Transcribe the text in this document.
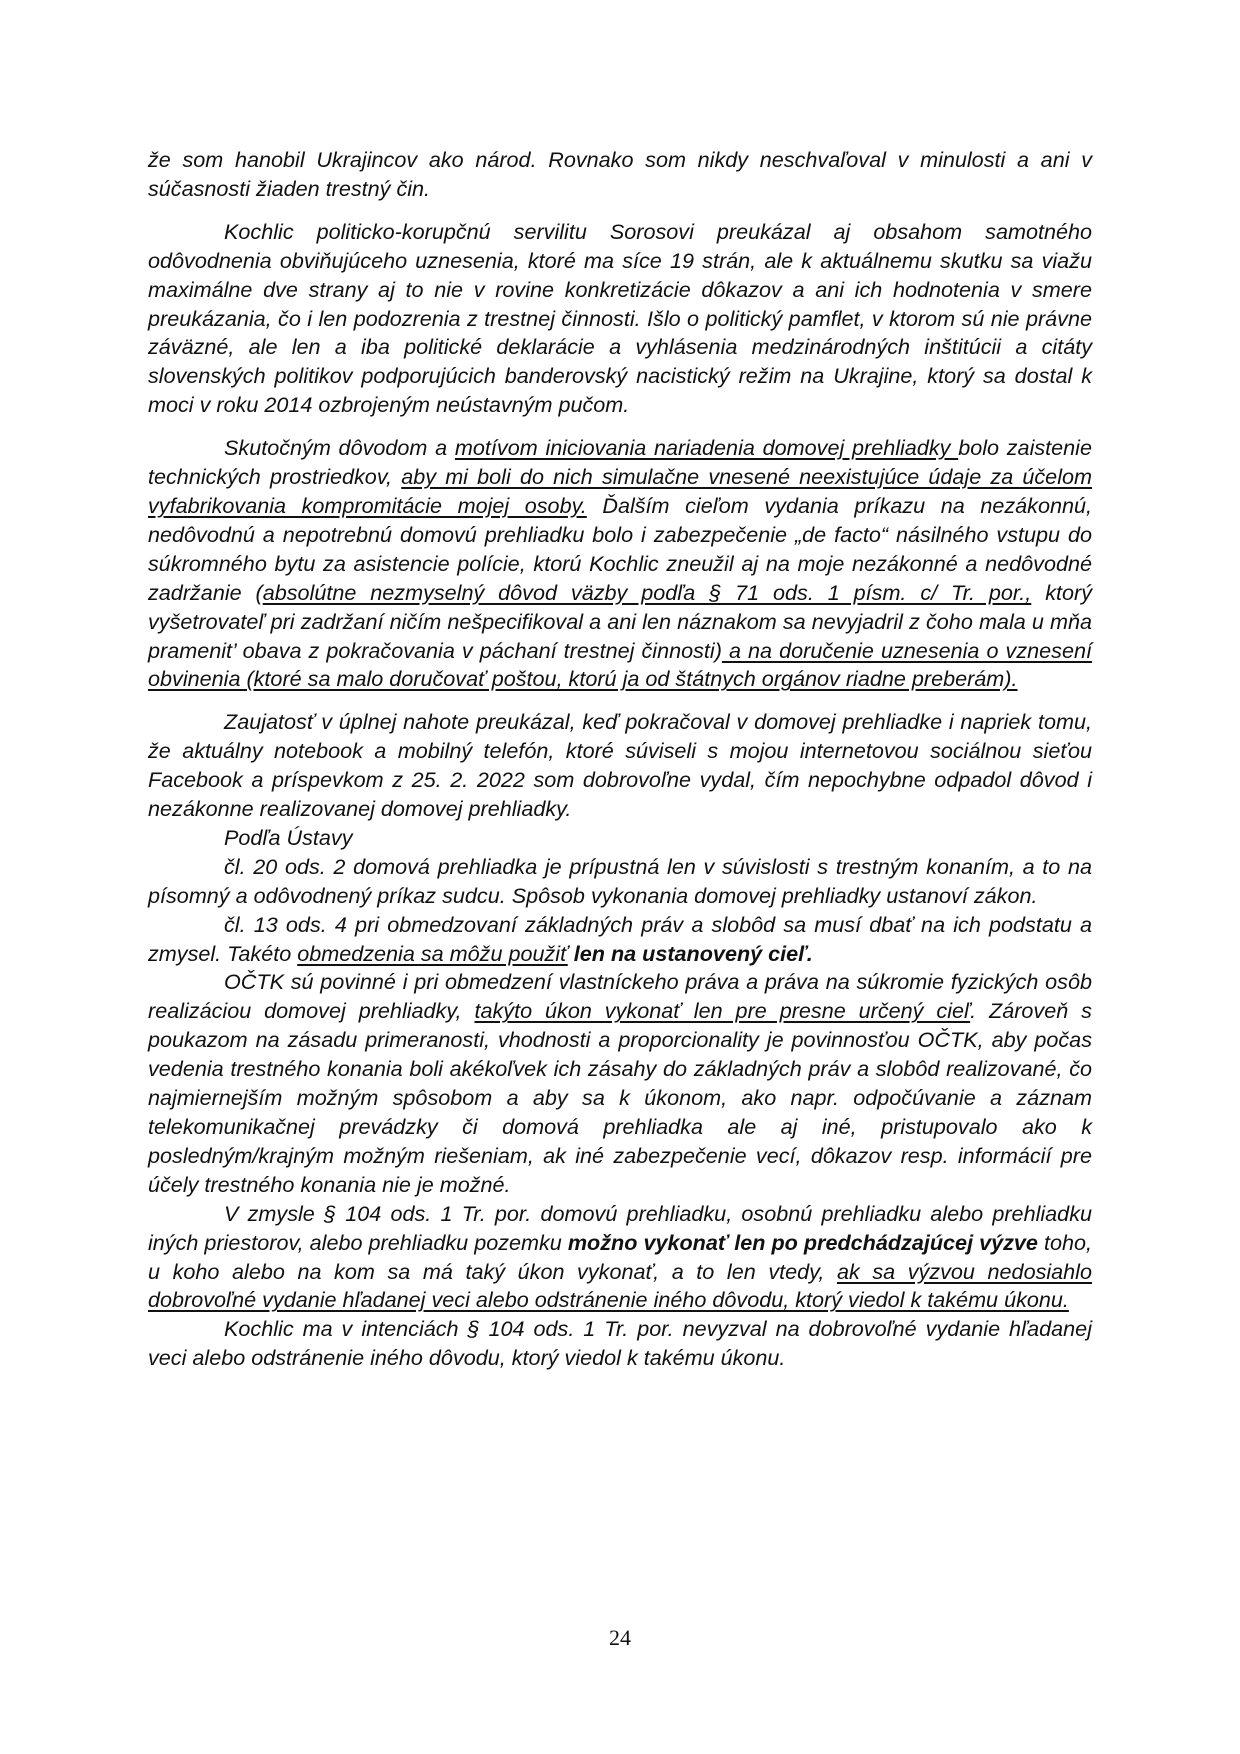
že som hanobil Ukrajincov ako národ. Rovnako som nikdy neschvaľoval v minulosti a ani v súčasnosti žiaden trestný čin.

Kochlic politicko-korupčnú servilitu Sorosovi preukázal aj obsahom samotného odôvodnenia obviňujúceho uznesenia, ktoré ma síce 19 strán, ale k aktuálnemu skutku sa viažu maximálne dve strany aj to nie v rovine konkretizácie dôkazov a ani ich hodnotenia v smere preukázania, čo i len podozrenia z trestnej činnosti. Išlo o politický pamflet, v ktorom sú nie právne záväzné, ale len a iba politické deklarácie a vyhlásenia medzinárodných inštitúcii a citáty slovenských politikov podporujúcich banderovský nacistický režim na Ukrajine, ktorý sa dostal k moci v roku 2014 ozbrojeným neústavným pučom.

Skutočným dôvodom a motívom iniciovania nariadenia domovej prehliadky bolo zaistenie technických prostriedkov, aby mi boli do nich simulačne vnesené neexistujúce údaje za účelom vyfabrikovania kompromitácie mojej osoby. Ďalším cieľom vydania príkazu na nezákonnú, nedôvodnú a nepotrebnú domovú prehliadku bolo i zabezpečenie „de facto“ násilného vstupu do súkromného bytu za asistencie polície, ktorú Kochlic zneužil aj na moje nezákonné a nedôvodné zadržanie (absolútne nezmyselný dôvod väzby podľa § 71 ods. 1 písm. c/ Tr. por., ktorý vyšetrovateľ pri zadržaní ničím nešpecifikoval a ani len náznakom sa nevyjadril z čoho mala u mňa pramenit’ obava z pokračovania v páchaní trestnej činnosti) a na doručenie uznesenia o vznesení obvinenia (ktoré sa malo doručovať poštou, ktorú ja od štátnych orgánov riadne preberám).

Zaujatosť v úplnej nahote preukázal, keď pokračoval v domovej prehliadke i napriek tomu, že aktuálny notebook a mobilný telefón, ktoré súviseli s mojou internetovou sociálnou sieťou Facebook a príspevkom z 25. 2. 2022 som dobrovoľne vydal, čím nepochybne odpadol dôvod i nezákonne realizovanej domovej prehliadky.

Podľa Ústavy

čl. 20 ods. 2 domová prehliadka je prípustná len v súvislosti s trestným konaním, a to na písomný a odôvodnený príkaz sudcu. Spôsob vykonania domovej prehliadky ustanoví zákon.

čl. 13 ods. 4 pri obmedzovaní základných práv a slobôd sa musí dbať na ich podstatu a zmysel. Takéto obmedzenia sa môžu použiť len na ustanovený cieľ.

OČTK sú povinné i pri obmedzení vlastníckeho práva a práva na súkromie fyzických osôb realizáciou domovej prehliadky, takýto úkon vykonať len pre presne určený cieľ. Zároveň s poukazom na zásadu primeranosti, vhodnosti a proporcionality je povinnosťou OČTK, aby počas vedenia trestného konania boli akékoľvek ich zásahy do základných práv a slobôd realizované, čo najmiernejším možným spôsobom a aby sa k úkonom, ako napr. odpočúvanie a záznam telekomunikačnej prevádzky či domová prehliadka ale aj iné, pristupovalo ako k posledným/krajným možným riešeniam, ak iné zabezpečenie vecí, dôkazov resp. informácií pre účely trestného konania nie je možné.

V zmysle § 104 ods. 1 Tr. por. domovú prehliadku, osobnú prehliadku alebo prehliadku iných priestorov, alebo prehliadku pozemku možno vykonať len po predchádzajúcej výzve toho, u koho alebo na kom sa má taký úkon vykonať, a to len vtedy, ak sa výzvou nedosiahlo dobrovoľné vydanie hľadanej veci alebo odstránenie iného dôvodu, ktorý viedol k takému úkonu.

Kochlic ma v intenciách § 104 ods. 1 Tr. por. nevyzval na dobrovoľné vydanie hľadanej veci alebo odstránenie iného dôvodu, ktorý viedol k takému úkonu.

24
